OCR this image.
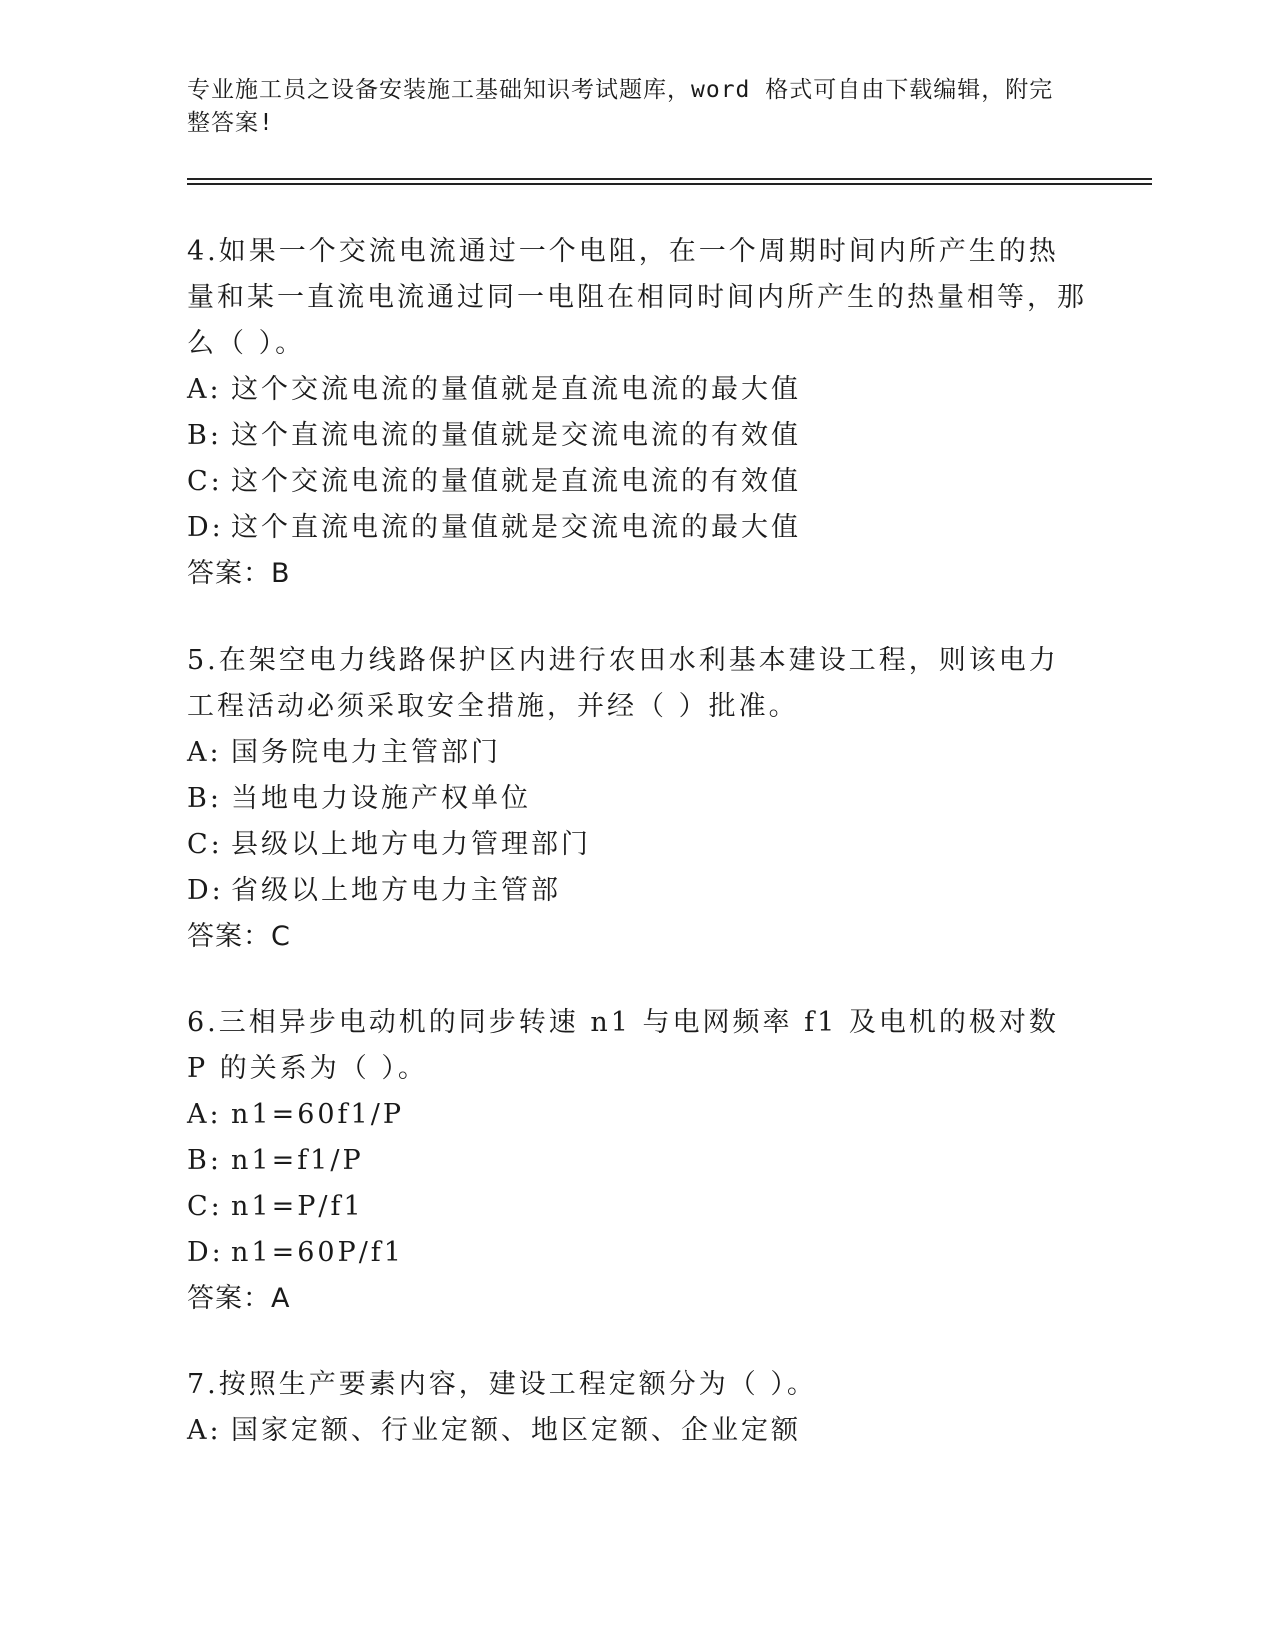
专业施工员之设备安装施工基础知识考试题库，word 格式可自由下载编辑，附完整答案!

4.如果一个交流电流通过一个电阻，在一个周期时间内所产生的热量和某一直流电流通过同一电阻在相同时间内所产生的热量相等，那么（ ）。

A: 这个交流电流的量值就是直流电流的最大值

B: 这个直流电流的量值就是交流电流的有效值

C: 这个交流电流的量值就是直流电流的有效值

D: 这个直流电流的量值就是交流电流的最大值

答案：B

5.在架空电力线路保护区内进行农田水利基本建设工程，则该电力工程活动必须采取安全措施，并经（ ）批准。

A: 国务院电力主管部门

B: 当地电力设施产权单位

C: 县级以上地方电力管理部门

D: 省级以上地方电力主管部

答案：C

6.三相异步电动机的同步转速 n1 与电网频率 f1 及电机的极对数 P 的关系为（ ）。

A: n1=60f1/P

B: n1=f1/P

C: n1=P/f1

D: n1=60P/f1

答案：A

7.按照生产要素内容，建设工程定额分为（ ）。

A: 国家定额、行业定额、地区定额、企业定额
